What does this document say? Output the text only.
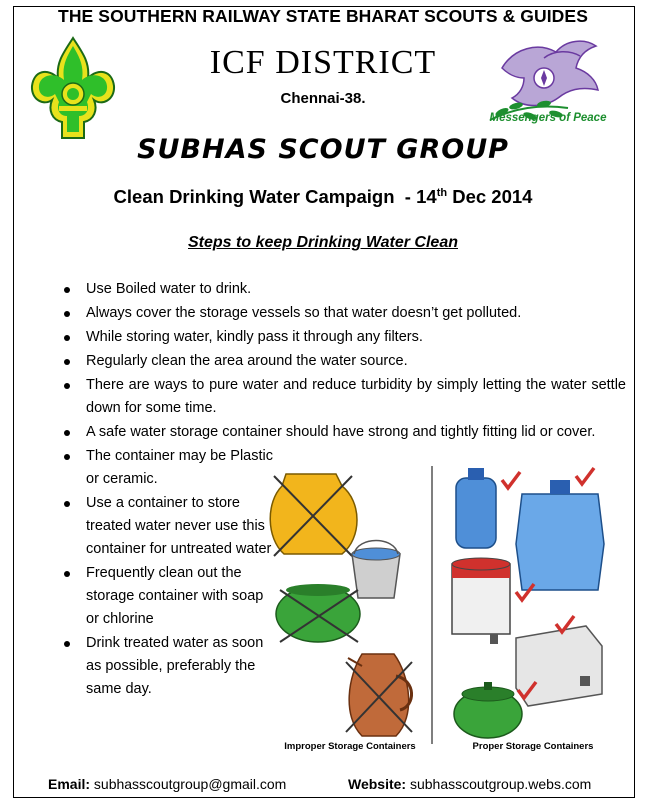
THE SOUTHERN RAILWAY STATE BHARAT SCOUTS & GUIDES
ICF DISTRICT
Chennai-38.
Messengers of Peace
SUBHAS SCOUT GROUP
Clean Drinking Water Campaign - 14th Dec 2014
Steps to keep Drinking Water Clean
Use Boiled water to drink.
Always cover the storage vessels so that water doesn’t get polluted.
While storing water, kindly pass it through any filters.
Regularly clean the area around the water source.
There are ways to pure water and reduce turbidity by simply letting the water settle down for some time.
A safe water storage container should have strong and tightly fitting lid or cover.
The container may be Plastic or ceramic.
Use a container to store treated water never use this container for untreated water
Frequently clean out the storage container with soap or chlorine
Drink treated water as soon as possible, preferably the same day.
Improper Storage Containers	Proper Storage Containers
Email: subhasscoutgroup@gmail.com	Website: subhasscoutgroup.webs.com
